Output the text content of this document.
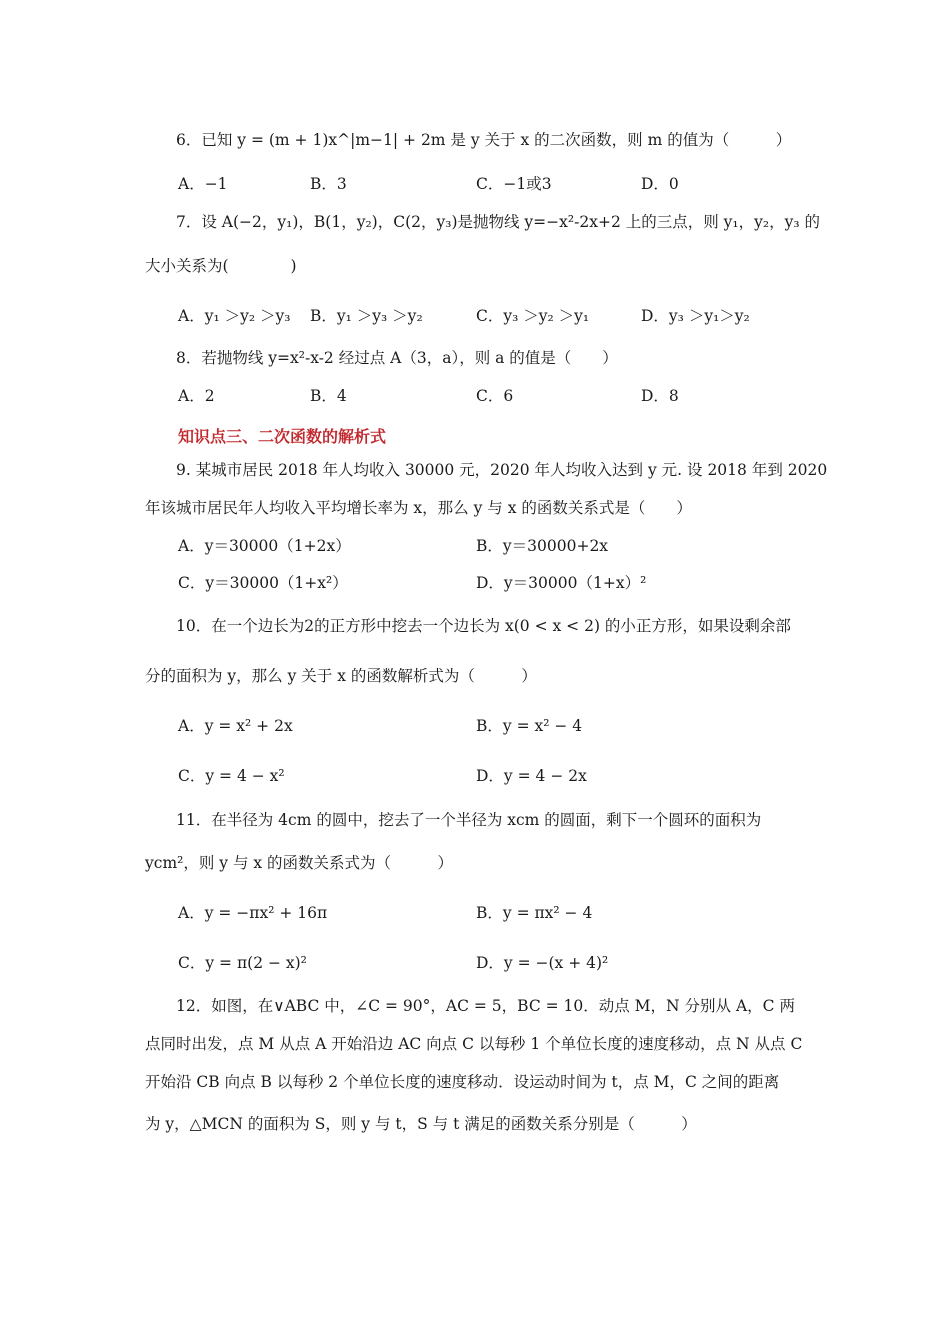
6．已知 y = (m + 1)x^|m−1| + 2m 是 y 关于 x 的二次函数，则 m 的值为（　　　）
A．−1	B．3	C．−1或3	D．0
7．设 A(−2，y₁)，B(1，y₂)，C(2，y₃)是抛物线 y=−x²-2x+2 上的三点，则 y₁，y₂，y₃ 的
大小关系为(　　　　)
A．y₁ ＞y₂ ＞y₃ B．y₁ ＞y₃ ＞y₂	C．y₃ ＞y₂ ＞y₁	D．y₃ ＞y₁＞y₂
8．若抛物线 y=x²-x-2 经过点 A（3，a），则 a 的值是（　　）
A．2	B．4	C．6	D．8
知识点三、二次函数的解析式
9. 某城市居民 2018 年人均收入 30000 元，2020 年人均收入达到 y 元. 设 2018 年到 2020
年该城市居民年人均收入平均增长率为 x，那么 y 与 x 的函数关系式是（　　）
A．y＝30000（1+2x）	B．y＝30000+2x
C．y＝30000（1+x²）	D．y＝30000（1+x）²
10．在一个边长为2的正方形中挖去一个边长为 x(0 < x < 2) 的小正方形，如果设剩余部
分的面积为 y，那么 y 关于 x 的函数解析式为（　　　）
A．y = x² + 2x	B．y = x² − 4
C．y = 4 − x²	D．y = 4 − 2x
11．在半径为 4cm 的圆中，挖去了一个半径为 xcm 的圆面，剩下一个圆环的面积为
ycm²，则 y 与 x 的函数关系式为（　　　）
A．y = −πx² + 16π	B．y = πx² − 4
C．y = π(2 − x)²	D．y = −(x + 4)²
12．如图，在∨ABC 中，∠C = 90°，AC = 5，BC = 10．动点 M，N 分别从 A，C 两
点同时出发，点 M 从点 A 开始沿边 AC 向点 C 以每秒 1 个单位长度的速度移动，点 N 从点 C
开始沿 CB 向点 B 以每秒 2 个单位长度的速度移动．设运动时间为 t，点 M，C 之间的距离
为 y，△MCN 的面积为 S，则 y 与 t，S 与 t 满足的函数关系分别是（　　　）
